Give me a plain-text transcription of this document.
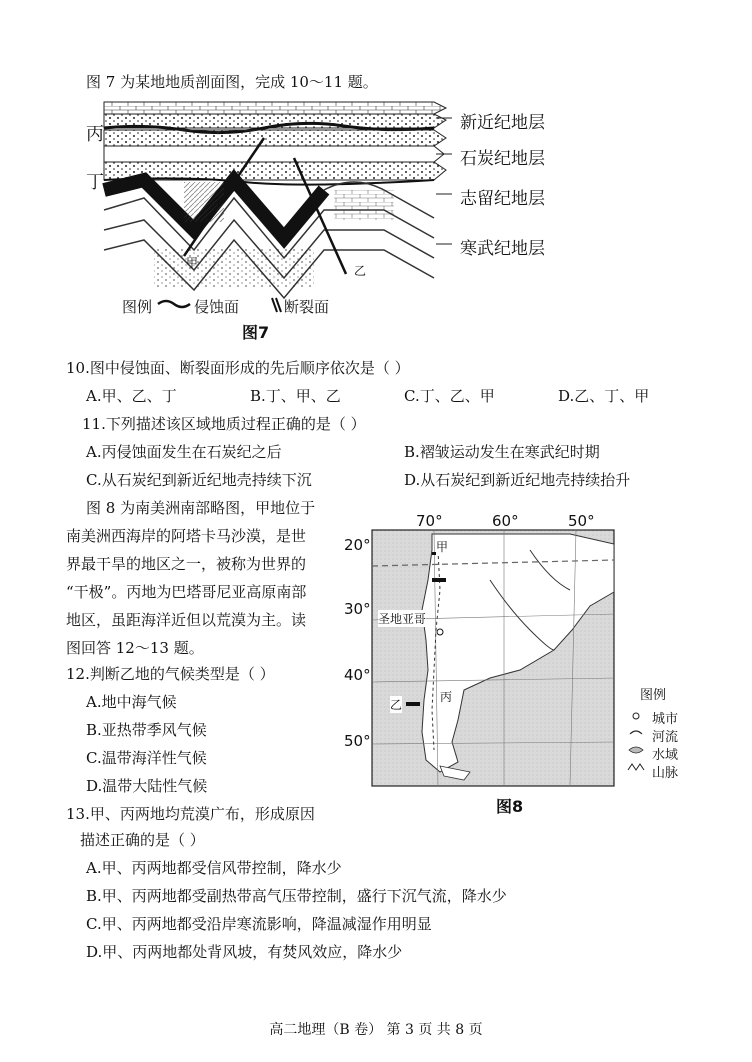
图 7 为某地地质剖面图，完成 10～11 题。
丙
丁
甲
乙
新近纪地层
石炭纪地层
志留纪地层
寒武纪地层
图例	侵蚀面	断裂面
图7
10.图中侵蚀面、断裂面形成的先后顺序依次是（ ）
A.甲、乙、丁	B.丁、甲、乙	C.丁、乙、甲	D.乙、丁、甲
11.下列描述该区域地质过程正确的是（ ）
A.丙侵蚀面发生在石炭纪之后	B.褶皱运动发生在寒武纪时期
C.从石炭纪到新近纪地壳持续下沉	D.从石炭纪到新近纪地壳持续抬升
图 8 为南美洲南部略图，甲地位于
南美洲西海岸的阿塔卡马沙漠，是世
界最干旱的地区之一，被称为世界的
“干极”。丙地为巴塔哥尼亚高原南部
地区，虽距海洋近但以荒漠为主。读
图回答 12～13 题。
70°	60°	50°
20°
30°
40°
50°
甲
圣地亚哥
乙
丙	图例
城市
河流
水域
山脉
图8
12.判断乙地的气候类型是（ ）
A.地中海气候
B.亚热带季风气候
C.温带海洋性气候
D.温带大陆性气候
13.甲、丙两地均荒漠广布，形成原因
描述正确的是（ ）
A.甲、丙两地都受信风带控制，降水少
B.甲、丙两地都受副热带高气压带控制，盛行下沉气流，降水少
C.甲、丙两地都受沿岸寒流影响，降温减湿作用明显
D.甲、丙两地都处背风坡，有焚风效应，降水少
高二地理（B 卷） 第 3 页 共 8 页
